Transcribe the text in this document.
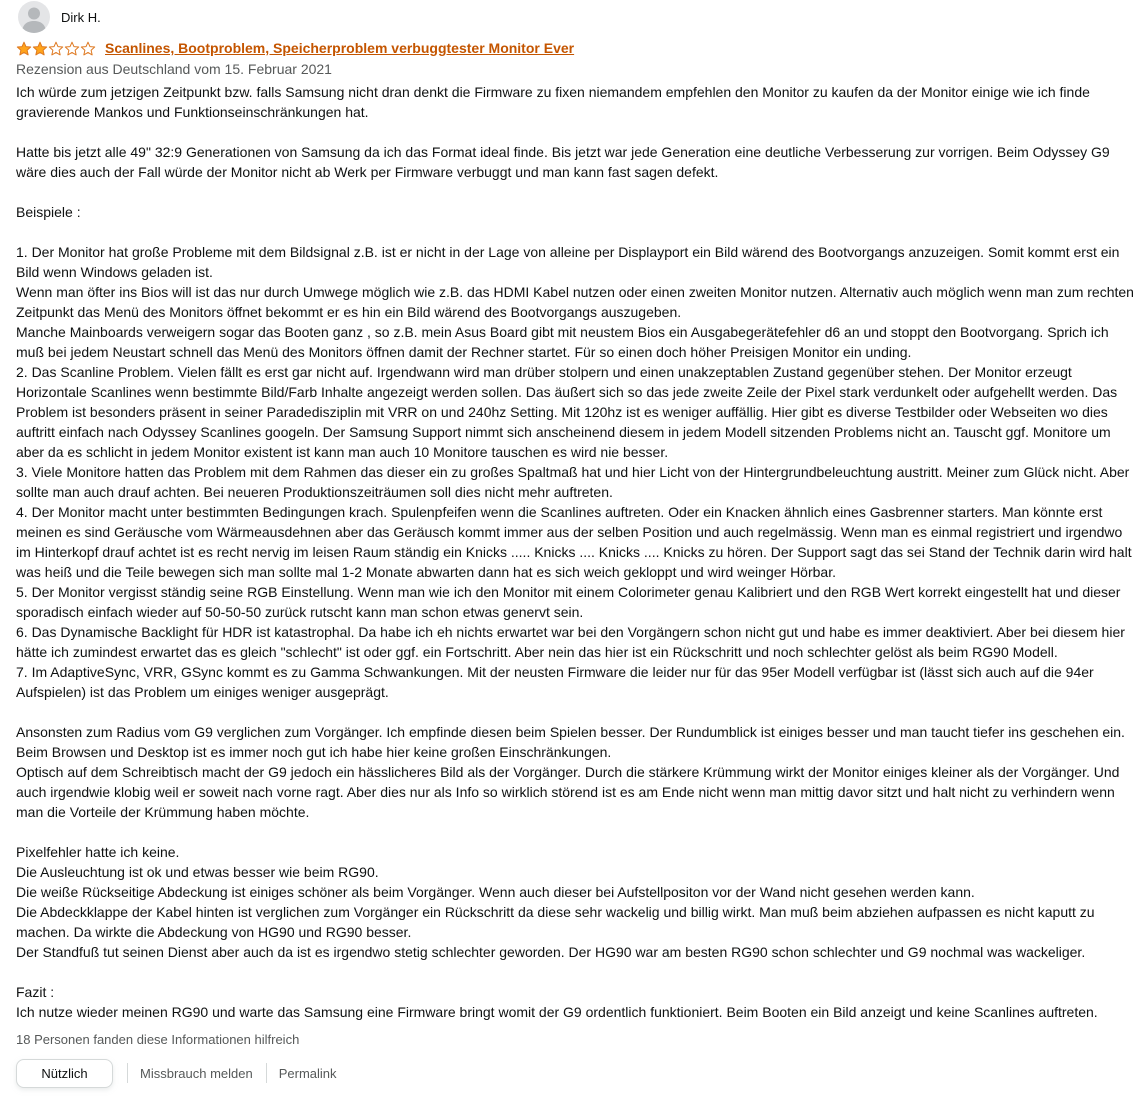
Dirk H.
Scanlines, Bootproblem, Speicherproblem verbuggtester Monitor Ever
Rezension aus Deutschland vom 15. Februar 2021

Ich würde zum jetzigen Zeitpunkt bzw. falls Samsung nicht dran denkt die Firmware zu fixen niemandem empfehlen den Monitor zu kaufen da der Monitor einige wie ich finde gravierende Mankos und Funktionseinschränkungen hat.

Hatte bis jetzt alle 49" 32:9 Generationen von Samsung da ich das Format ideal finde. Bis jetzt war jede Generation eine deutliche Verbesserung zur vorrigen. Beim Odyssey G9 wäre dies auch der Fall würde der Monitor nicht ab Werk per Firmware verbuggt und man kann fast sagen defekt.

Beispiele :

1. Der Monitor hat große Probleme mit dem Bildsignal z.B. ist er nicht in der Lage von alleine per Displayport ein Bild wärend des Bootvorgangs anzuzeigen. Somit kommt erst ein Bild wenn Windows geladen ist.

Wenn man öfter ins Bios will ist das nur durch Umwege möglich wie z.B. das HDMI Kabel nutzen oder einen zweiten Monitor nutzen. Alternativ auch möglich wenn man zum rechten Zeitpunkt das Menü des Monitors öffnet bekommt er es hin ein Bild wärend des Bootvorgangs auszugeben.

Manche Mainboards verweigern sogar das Booten ganz , so z.B. mein Asus Board gibt mit neustem Bios ein Ausgabegerätefehler d6 an und stoppt den Bootvorgang. Sprich ich muß bei jedem Neustart schnell das Menü des Monitors öffnen damit der Rechner startet. Für so einen doch höher Preisigen Monitor ein unding.

2. Das Scanline Problem. Vielen fällt es erst gar nicht auf. Irgendwann wird man drüber stolpern und einen unakzeptablen Zustand gegenüber stehen. Der Monitor erzeugt Horizontale Scanlines wenn bestimmte Bild/Farb Inhalte angezeigt werden sollen. Das äußert sich so das jede zweite Zeile der Pixel stark verdunkelt oder aufgehellt werden. Das Problem ist besonders präsent in seiner Paradedisziplin mit VRR on und 240hz Setting. Mit 120hz ist es weniger auffällig. Hier gibt es diverse Testbilder oder Webseiten wo dies auftritt einfach nach Odyssey Scanlines googeln. Der Samsung Support nimmt sich anscheinend diesem in jedem Modell sitzenden Problems nicht an. Tauscht ggf. Monitore um aber da es schlicht in jedem Monitor existent ist kann man auch 10 Monitore tauschen es wird nie besser.

3. Viele Monitore hatten das Problem mit dem Rahmen das dieser ein zu großes Spaltmaß hat und hier Licht von der Hintergrundbeleuchtung austritt. Meiner zum Glück nicht. Aber sollte man auch drauf achten. Bei neueren Produktionszeiträumen soll dies nicht mehr auftreten.

4. Der Monitor macht unter bestimmten Bedingungen krach. Spulenpfeifen wenn die Scanlines auftreten. Oder ein Knacken ähnlich eines Gasbrenner starters. Man könnte erst meinen es sind Geräusche vom Wärmeausdehnen aber das Geräusch kommt immer aus der selben Position und auch regelmässig. Wenn man es einmal registriert und irgendwo im Hinterkopf drauf achtet ist es recht nervig im leisen Raum ständig ein Knicks ..... Knicks .... Knicks .... Knicks zu hören. Der Support sagt das sei Stand der Technik darin wird halt was heiß und die Teile bewegen sich man sollte mal 1-2 Monate abwarten dann hat es sich weich gekloppt und wird weinger Hörbar.

5. Der Monitor vergisst ständig seine RGB Einstellung. Wenn man wie ich den Monitor mit einem Colorimeter genau Kalibriert und den RGB Wert korrekt eingestellt hat und dieser sporadisch einfach wieder auf 50-50-50 zurück rutscht kann man schon etwas genervt sein.

6. Das Dynamische Backlight für HDR ist katastrophal. Da habe ich eh nichts erwartet war bei den Vorgängern schon nicht gut und habe es immer deaktiviert. Aber bei diesem hier hätte ich zumindest erwartet das es gleich "schlecht" ist oder ggf. ein Fortschritt. Aber nein das hier ist ein Rückschritt und noch schlechter gelöst als beim RG90 Modell.

7. Im AdaptiveSync, VRR, GSync kommt es zu Gamma Schwankungen. Mit der neusten Firmware die leider nur für das 95er Modell verfügbar ist (lässt sich auch auf die 94er Aufspielen) ist das Problem um einiges weniger ausgeprägt.

Ansonsten zum Radius vom G9 verglichen zum Vorgänger. Ich empfinde diesen beim Spielen besser. Der Rundumblick ist einiges besser und man taucht tiefer ins geschehen ein. Beim Browsen und Desktop ist es immer noch gut ich habe hier keine großen Einschränkungen.

Optisch auf dem Schreibtisch macht der G9 jedoch ein hässlicheres Bild als der Vorgänger. Durch die stärkere Krümmung wirkt der Monitor einiges kleiner als der Vorgänger. Und auch irgendwie klobig weil er soweit nach vorne ragt. Aber dies nur als Info so wirklich störend ist es am Ende nicht wenn man mittig davor sitzt und halt nicht zu verhindern wenn man die Vorteile der Krümmung haben möchte.

Pixelfehler hatte ich keine.

Die Ausleuchtung ist ok und etwas besser wie beim RG90.

Die weiße Rückseitige Abdeckung ist einiges schöner als beim Vorgänger. Wenn auch dieser bei Aufstellpositon vor der Wand nicht gesehen werden kann.

Die Abdeckklappe der Kabel hinten ist verglichen zum Vorgänger ein Rückschritt da diese sehr wackelig und billig wirkt. Man muß beim abziehen aufpassen es nicht kaputt zu machen. Da wirkte die Abdeckung von HG90 und RG90 besser.

Der Standfuß tut seinen Dienst aber auch da ist es irgendwo stetig schlechter geworden. Der HG90 war am besten RG90 schon schlechter und G9 nochmal was wackeliger.

Fazit :

Ich nutze wieder meinen RG90 und warte das Samsung eine Firmware bringt womit der G9 ordentlich funktioniert. Beim Booten ein Bild anzeigt und keine Scanlines auftreten.

18 Personen fanden diese Informationen hilfreich
Nützlich	Missbrauch melden Permalink
